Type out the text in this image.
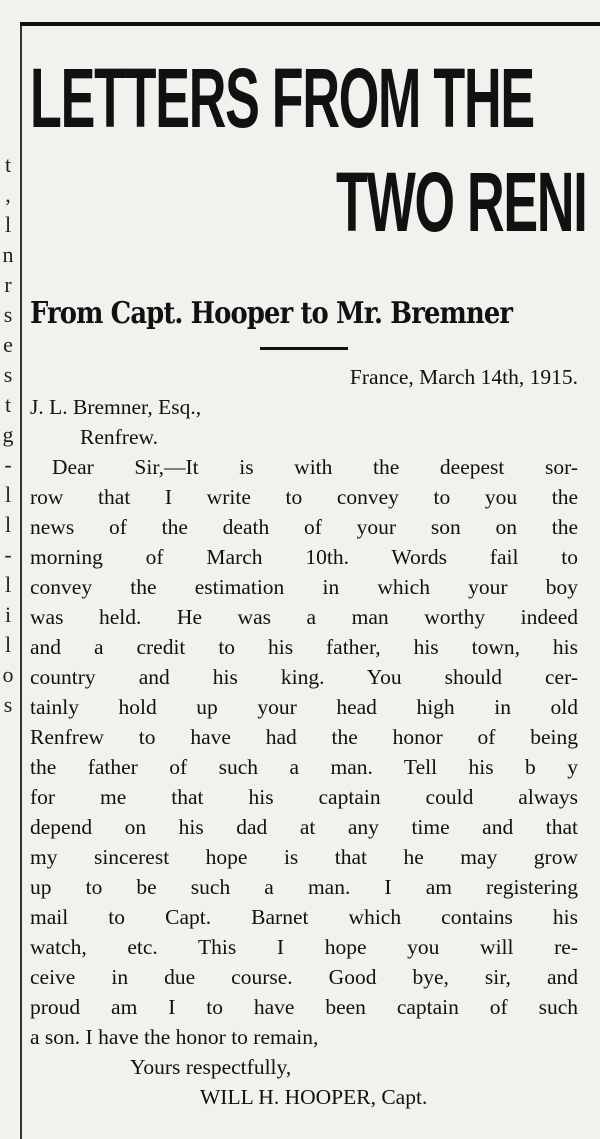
t
,
l
n
r
s
e
s
t
g
-
l
l
-
l
i
l
o
s
LETTERS FROM THE
TWO RENI
From Capt. Hooper to Mr. Bremner
France, March 14th, 1915.
J. L. Bremner, Esq.,
Renfrew.
Dear Sir,—It is with the deepest sor-
row that I write to convey to you the
news of the death of your son on the
morning of March 10th. Words fail to
convey the estimation in which your boy
was held. He was a man worthy indeed
and a credit to his father, his town, his
country and his king. You should cer-
tainly hold up your head high in old
Renfrew to have had the honor of being
the father of such a man. Tell his b y
for me that his captain could always
depend on his dad at any time and that
my sincerest hope is that he may grow
up to be such a man. I am registering
mail to Capt. Barnet which contains his
watch, etc. This I hope you will re-
ceive in due course. Good bye, sir, and
proud am I to have been captain of such
a son. I have the honor to remain,
Yours respectfully,
WILL H. HOOPER, Capt.
